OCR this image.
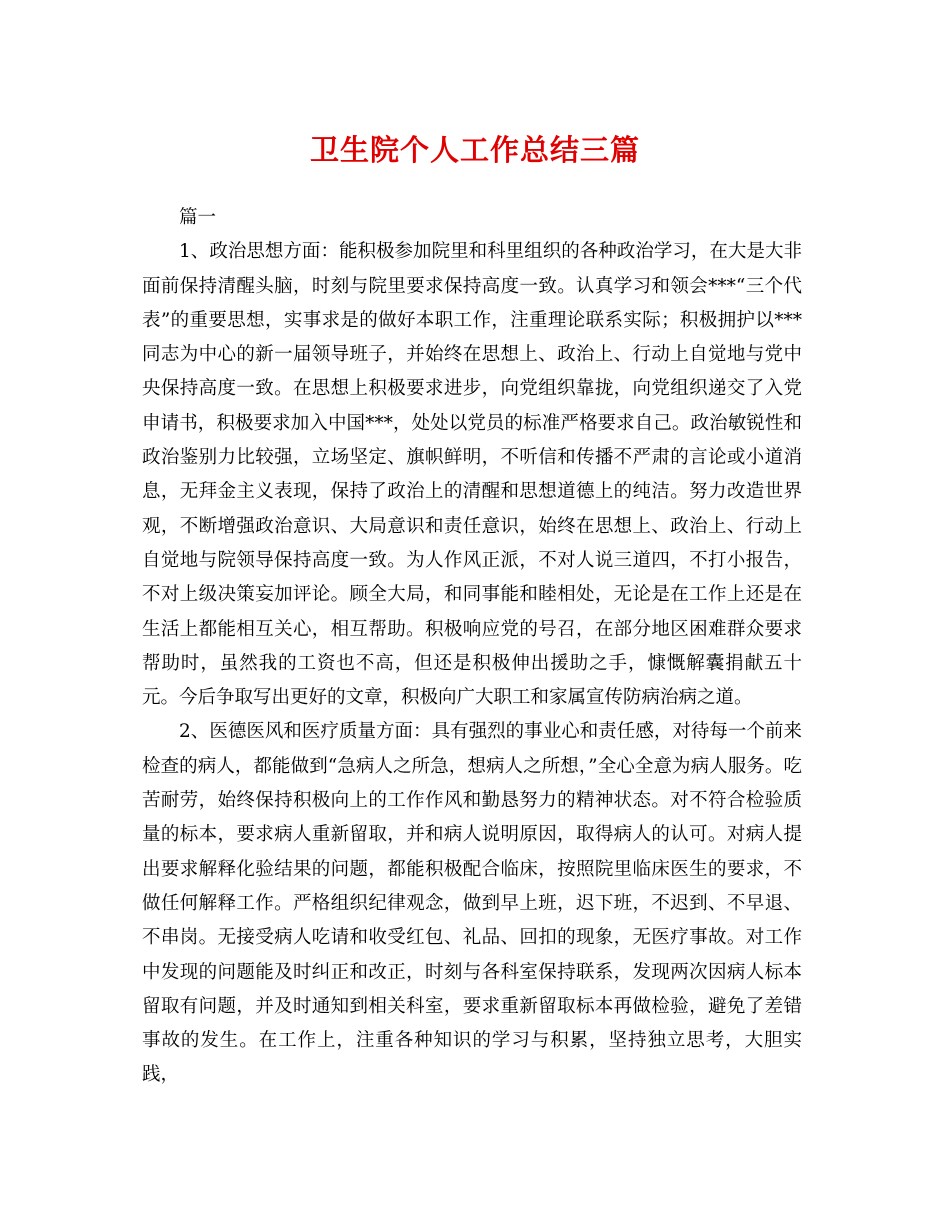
卫生院个人工作总结三篇

篇一

1、政治思想方面：能积极参加院里和科里组织的各种政治学习，在大是大非面前保持清醒头脑，时刻与院里要求保持高度一致。认真学习和领会***“三个代表”的重要思想，实事求是的做好本职工作，注重理论联系实际；积极拥护以***同志为中心的新一届领导班子，并始终在思想上、政治上、行动上自觉地与党中央保持高度一致。在思想上积极要求进步，向党组织靠拢，向党组织递交了入党申请书，积极要求加入中国***，处处以党员的标准严格要求自己。政治敏锐性和政治鉴别力比较强，立场坚定、旗帜鲜明，不听信和传播不严肃的言论或小道消息，无拜金主义表现，保持了政治上的清醒和思想道德上的纯洁。努力改造世界观，不断增强政治意识、大局意识和责任意识，始终在思想上、政治上、行动上自觉地与院领导保持高度一致。为人作风正派，不对人说三道四，不打小报告，不对上级决策妄加评论。顾全大局，和同事能和睦相处，无论是在工作上还是在生活上都能相互关心，相互帮助。积极响应党的号召，在部分地区困难群众要求帮助时，虽然我的工资也不高，但还是积极伸出援助之手，慷慨解囊捐献五十元。今后争取写出更好的文章，积极向广大职工和家属宣传防病治病之道。

2、医德医风和医疗质量方面：具有强烈的事业心和责任感，对待每一个前来检查的病人，都能做到“急病人之所急，想病人之所想，”全心全意为病人服务。吃苦耐劳，始终保持积极向上的工作作风和勤恳努力的精神状态。对不符合检验质量的标本，要求病人重新留取，并和病人说明原因，取得病人的认可。对病人提出要求解释化验结果的问题，都能积极配合临床，按照院里临床医生的要求，不做任何解释工作。严格组织纪律观念，做到早上班，迟下班，不迟到、不早退、不串岗。无接受病人吃请和收受红包、礼品、回扣的现象，无医疗事故。对工作中发现的问题能及时纠正和改正，时刻与各科室保持联系，发现两次因病人标本留取有问题，并及时通知到相关科室，要求重新留取标本再做检验，避免了差错事故的发生。在工作上，注重各种知识的学习与积累，坚持独立思考，大胆实践，
